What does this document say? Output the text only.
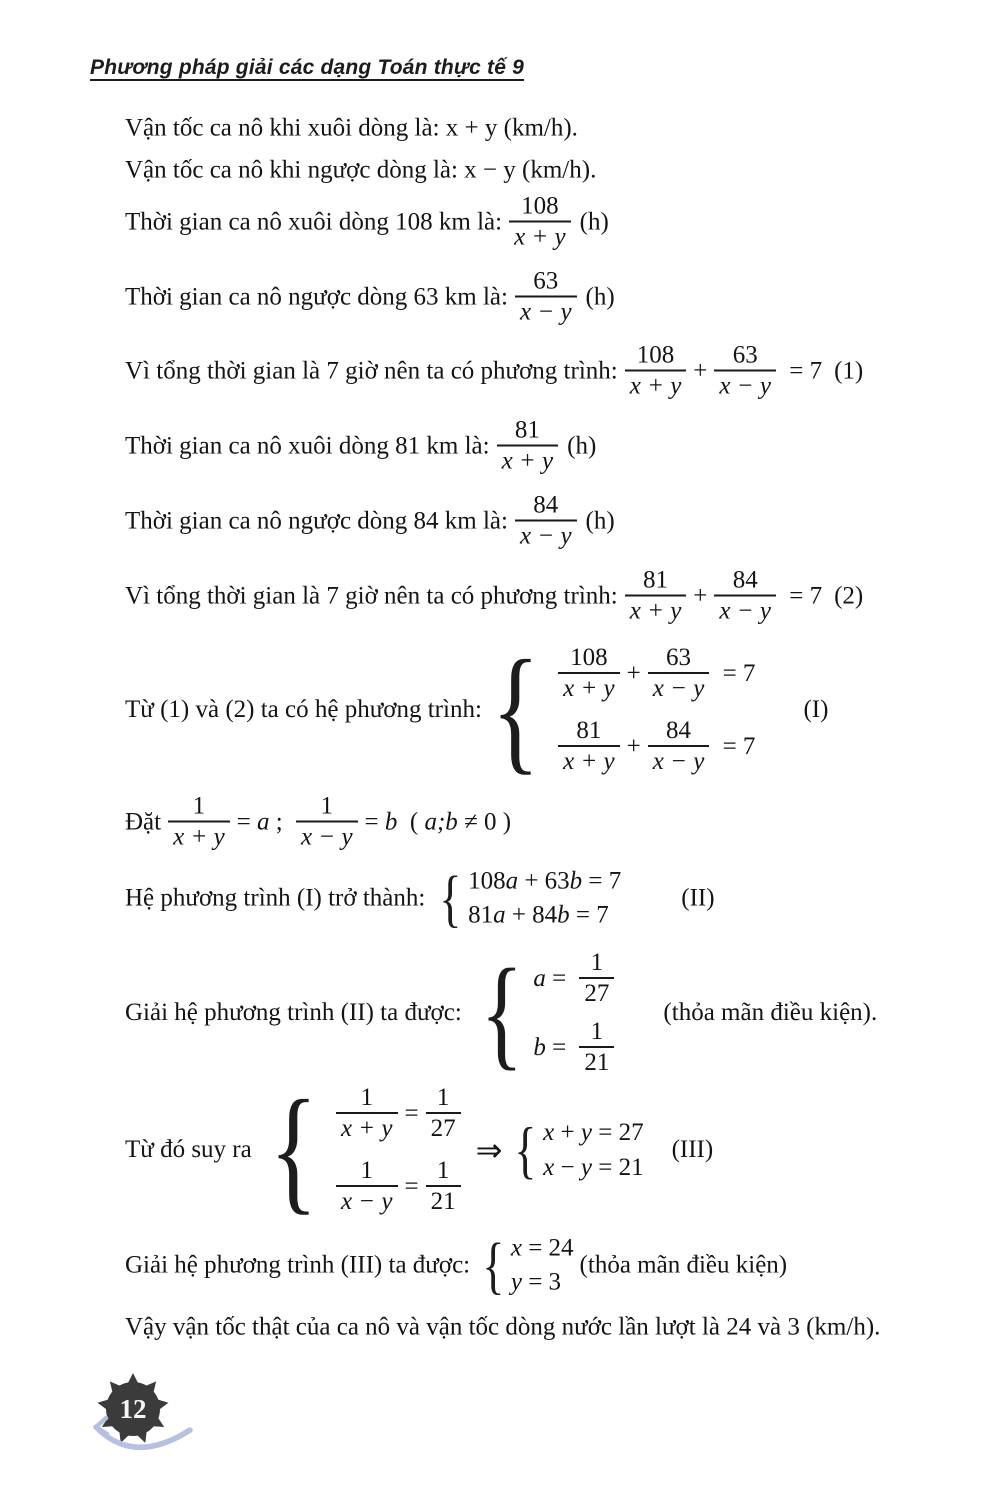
Phương pháp giải các dạng Toán thực tế 9
Vận tốc ca nô khi xuôi dòng là: x + y (km/h).
Vận tốc ca nô khi ngược dòng là: x − y (km/h).
Thời gian ca nô xuôi dòng 108 km là: $\frac{108}{x + y} (h)$
Thời gian ca nô ngược dòng 63 km là: $\frac{63}{x - y} (h)$
Vì tổng thời gian là 7 giờ nên ta có phương trình: $\frac{108}{x + y} + \frac{63}{x - y} = 7$ (1)
Thời gian ca nô xuôi dòng 81 km là: $\frac{81}{x + y} (h)$
Thời gian ca nô ngược dòng 84 km là: $\frac{84}{x - y} (h)$
Vì tổng thời gian là 7 giờ nên ta có phương trình: $\frac{81}{x + y} + \frac{84}{x - y} = 7$ (2)
Từ (1) và (2) ta có hệ phương trình: { $\frac{108}{x + y} + \frac{63}{x - y} = 7$
$\frac{81}{x + y} + \frac{84}{x - y} = 7$
(I)
Đặt $\frac{1}{x + y} = a$ ; $\frac{1}{x - y} = b$ ( a;b ≠ 0 )
Hệ phương trình (I) trở thành: { 108 a + 63 b = 7
81 a + 84 b = 7
(II)
Giải hệ phương trình (II) ta được: { $a = \frac{1}{27}$
$b = \frac{1}{21}$
(thỏa mãn điều kiện).
Từ đó suy ra { $\frac{1}{x + y} = \frac{1}{27}$
$\frac{1}{x - y} = \frac{1}{21}$
⇒ { x + y = 27
x − y = 21
(III)
Giải hệ phương trình (III) ta được: { x = 24
y = 3
(thỏa mãn điều kiện)
Vậy vận tốc thật của ca nô và vận tốc dòng nước lần lượt là 24 và 3 (km/h).
12
